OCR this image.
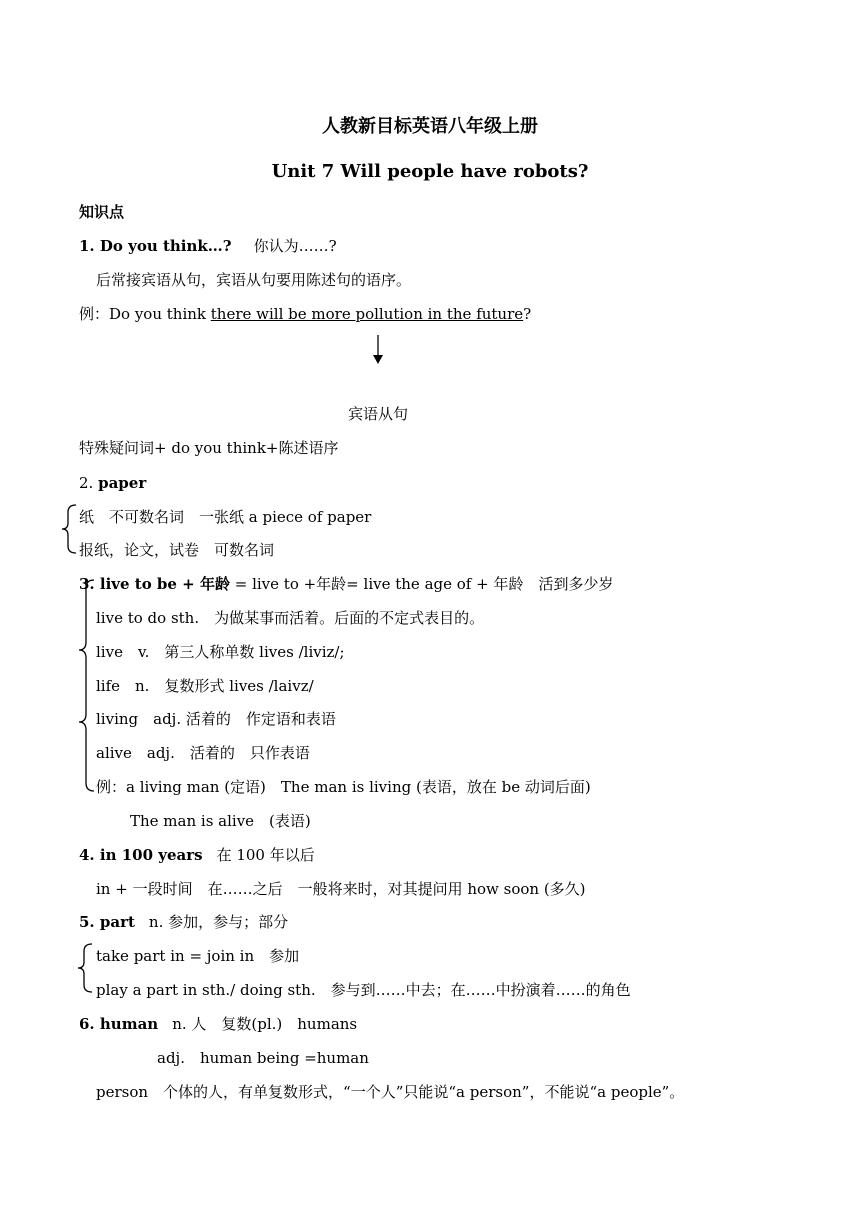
人教新目标英语八年级上册
Unit 7 Will people have robots?
知识点
1. Do you think…? 你认为……?
后常接宾语从句，宾语从句要用陈述句的语序。
例：Do you think there will be more pollution in the future?
宾语从句
特殊疑问词+ do you think+陈述语序
2. paper
纸　不可数名词　一张纸 a piece of paper
报纸，论文，试卷　可数名词
3. live to be + 年龄 = live to +年龄= live the age of + 年龄　活到多少岁
live to do sth.　为做某事而活着。后面的不定式表目的。
live　v.　第三人称单数 lives /liviz/;
life　n.　复数形式 lives /laivz/
living　adj. 活着的　作定语和表语
alive　adj.　活着的　只作表语
例：a living man (定语)　The man is living (表语，放在 be 动词后面)
The man is alive　(表语)
4. in 100 years 在 100 年以后
in + 一段时间　在……之后　一般将来时，对其提问用 how soon (多久)
5. part n. 参加，参与；部分
take part in = join in　参加
play a part in sth./ doing sth.　参与到……中去；在……中扮演着……的角色
6. human n. 人　复数(pl.)　humans
adj.　human being =human
person　个体的人，有单复数形式，“一个人”只能说“a person”，不能说“a people”。
